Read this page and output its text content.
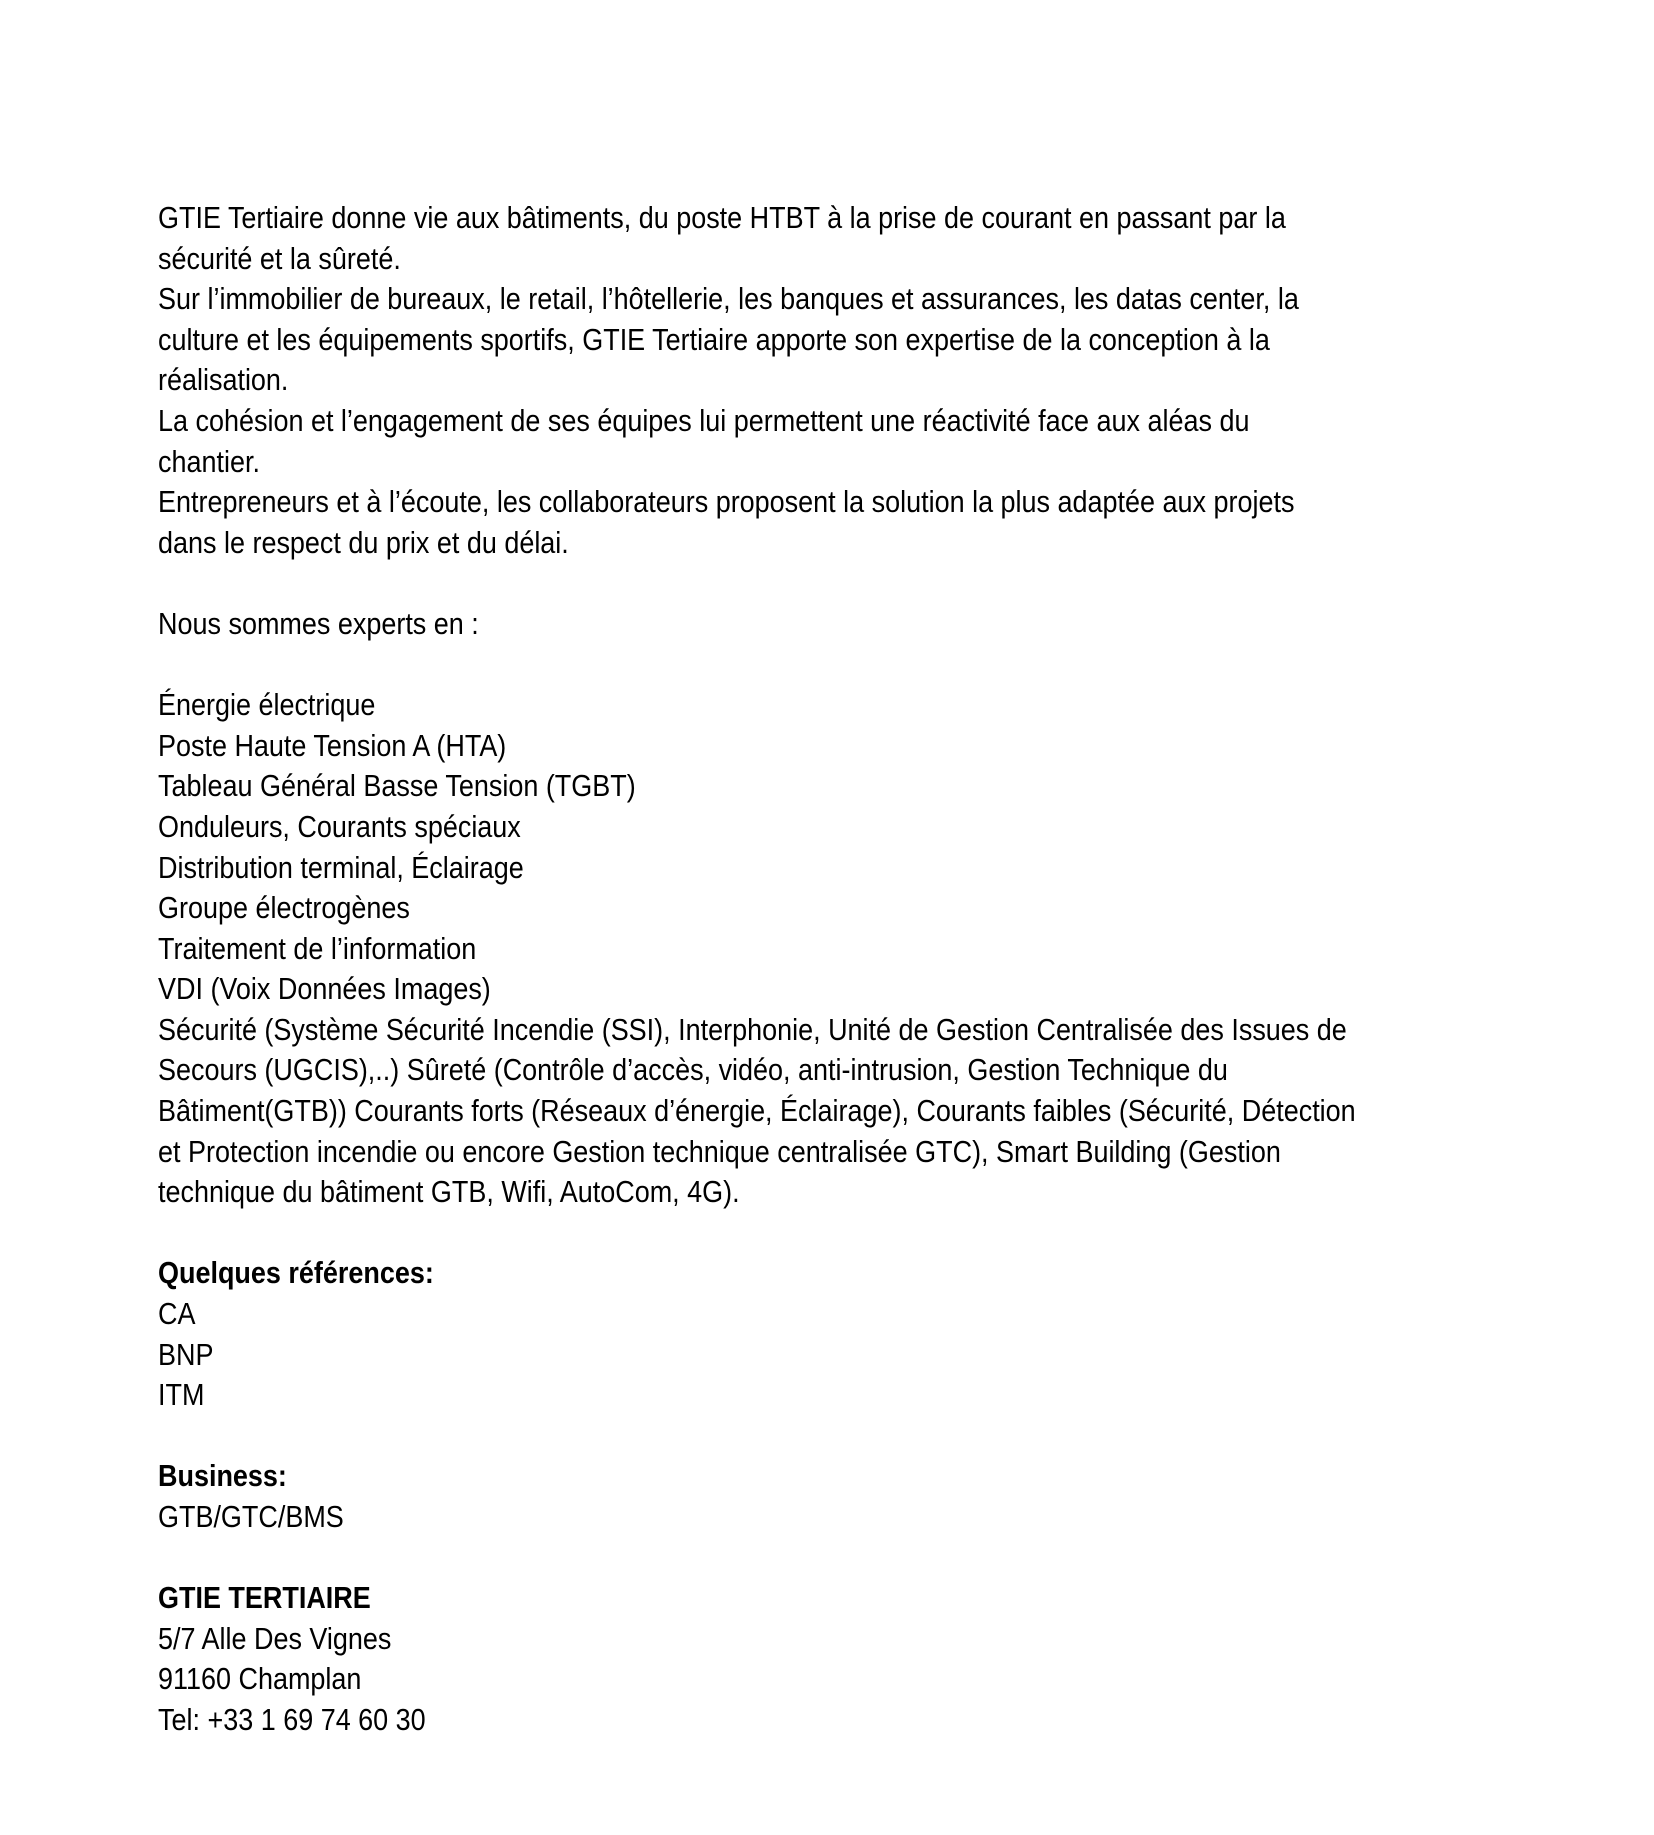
GTIE Tertiaire donne vie aux bâtiments, du poste HTBT à la prise de courant en passant par la
sécurité et la sûreté.
Sur l’immobilier de bureaux, le retail, l’hôtellerie, les banques et assurances, les datas center, la
culture et les équipements sportifs, GTIE Tertiaire apporte son expertise de la conception à la
réalisation.
La cohésion et l’engagement de ses équipes lui permettent une réactivité face aux aléas du
chantier.
Entrepreneurs et à l’écoute, les collaborateurs proposent la solution la plus adaptée aux projets
dans le respect du prix et du délai.
Nous sommes experts en :
Énergie électrique
Poste Haute Tension A (HTA)
Tableau Général Basse Tension (TGBT)
Onduleurs, Courants spéciaux
Distribution terminal, Éclairage
Groupe électrogènes
Traitement de l’information
VDI (Voix Données Images)
Sécurité (Système Sécurité Incendie (SSI), Interphonie, Unité de Gestion Centralisée des Issues de
Secours (UGCIS),..) Sûreté (Contrôle d’accès, vidéo, anti-intrusion, Gestion Technique du
Bâtiment(GTB)) Courants forts (Réseaux d’énergie, Éclairage), Courants faibles (Sécurité, Détection
et Protection incendie ou encore Gestion technique centralisée GTC), Smart Building (Gestion
technique du bâtiment GTB, Wifi, AutoCom, 4G).
Quelques références:
CA
BNP
ITM
Business:
GTB/GTC/BMS
GTIE TERTIAIRE
5/7 Alle Des Vignes
91160 Champlan
Tel: +33 1 69 74 60 30
